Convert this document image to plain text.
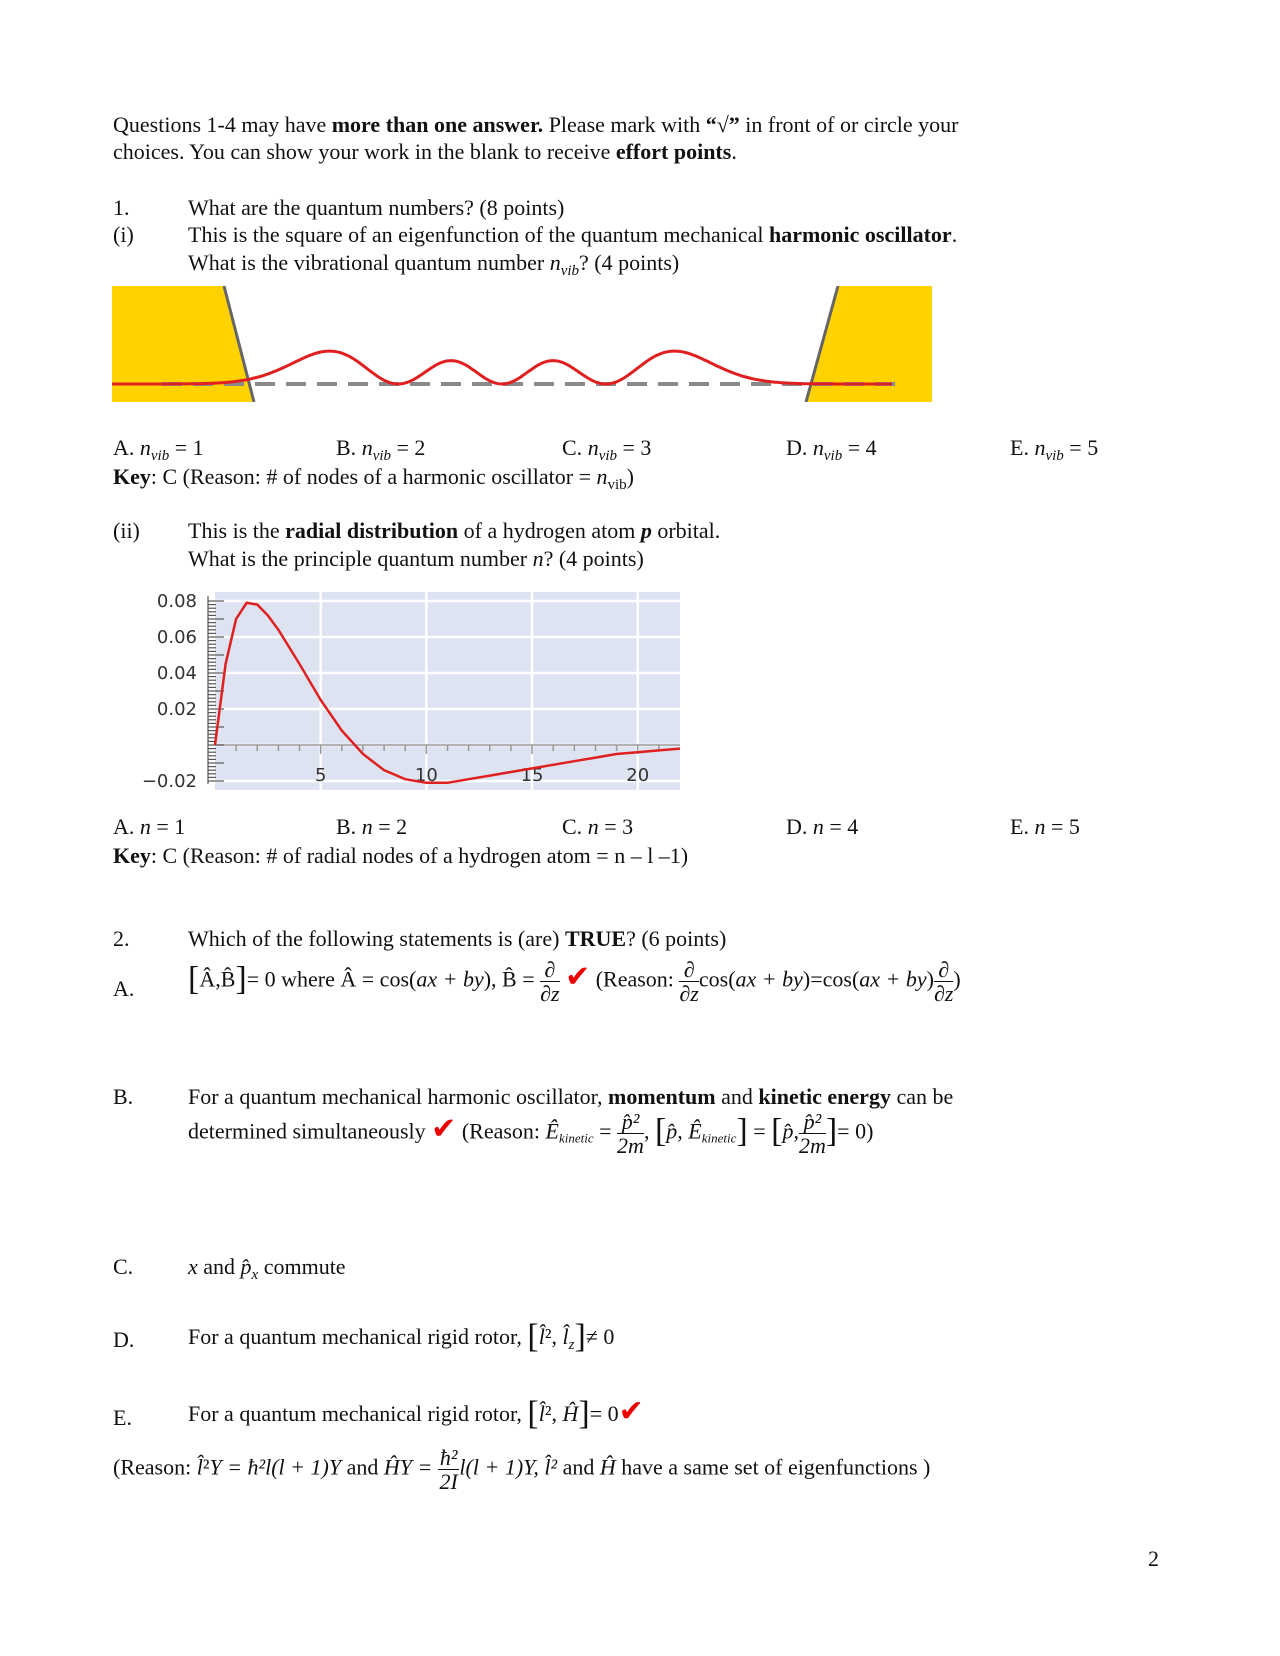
Questions 1-4 may have more than one answer. Please mark with “√” in front of or circle your
choices. You can show your work in the blank to receive effort points.
1.	What are the quantum numbers? (8 points)
(i) This is the square of an eigenfunction of the quantum mechanical harmonic oscillator.
What is the vibrational quantum number $n_{vib}$? (4 points)
A. $n_{vib} = 1$	B. $n_{vib} = 2$	C. $n_{vib} = 3$	D. $n_{vib} = 4$	E. $n_{vib} = 5$
Key: C (Reason: # of nodes of a harmonic oscillator = $n_{vib}$)
(ii) This is the radial distribution of a hydrogen atom p orbital.
What is the principle quantum number n? (4 points)
0.08
0.06
0.04
0.02
−0.02	5	10	15	20
A. n = 1	B. n = 2	C. n = 3	D. n = 4	E. n = 5
Key: C (Reason: # of radial nodes of a hydrogen atom = n – l –1)
2.	Which of the following statements is (are) TRUE? (6 points)
A. [Â,B̂]= 0 where Â = cos(ax + by), B̂ = $\frac{\partial}{\partial z}$ ✔ (Reason: $\frac{\partial}{\partial z} \cos(ax + by)=\cos(ax + by) \frac{\partial}{\partial z}$ )
B. For a quantum mechanical harmonic oscillator, momentum and kinetic energy can be
determined simultaneously ✔ (Reason: Êkinetic = $\frac{\text{p̂²}}{2m}$ , [p̂, Êkinetic] = [p̂, $\frac{\text{p̂²}}{2m}$ ]= 0)
C. x and $p̂_x$ commute
D. For a quantum mechanical rigid rotor, [l̂², $l̂_z]\ne 0$
E.	For a quantum mechanical rigid rotor, [l̂², Ĥ]= 0✔
(Reason: l̂²Y = ħ²l(l + 1)Y and ĤY = $\frac{\text{ħ²}}{2I} l(l + 1)Y$, l̂² and Ĥ have a same set of eigenfunctions )
2
